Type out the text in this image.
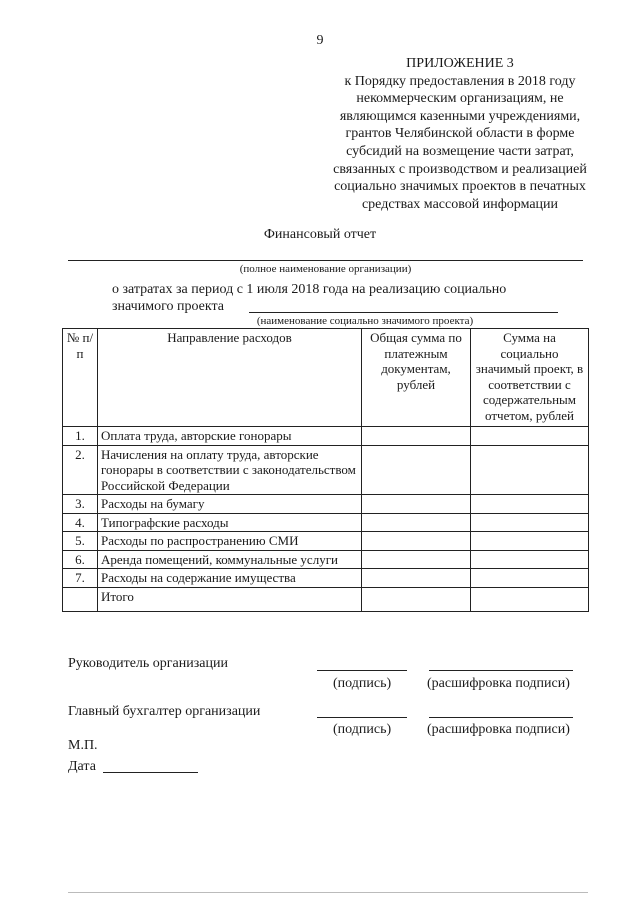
9
ПРИЛОЖЕНИЕ 3
к Порядку предоставления в 2018 году
некоммерческим организациям, не
являющимся казенными учреждениями,
грантов Челябинской области в форме
субсидий на возмещение части затрат,
связанных с производством и реализацией
социально значимых проектов в печатных
средствах массовой информации
Финансовый отчет
(полное наименование организации)
о затратах за период с 1 июля 2018 года на реализацию социально
значимого проекта
(наименование социально значимого проекта)
№ п/п	Направление расходов	Общая сумма по платежным документам, рублей	Сумма на социально значимый проект, в соответствии с содержательным отчетом, рублей
1.	Оплата труда, авторские гонорары		
2.	Начисления на оплату труда, авторские гонорары в соответствии с законодательством Российской Федерации		
3.	Расходы на бумагу		
4.	Типографские расходы		
5.	Расходы по распространению СМИ		
6.	Аренда помещений, коммунальные услуги		
7.	Расходы на содержание имущества		
	Итого		
Руководитель организации
(подпись)	(расшифровка подписи)
Главный бухгалтер организации
(подпись)	(расшифровка подписи)
М.П.
Дата
